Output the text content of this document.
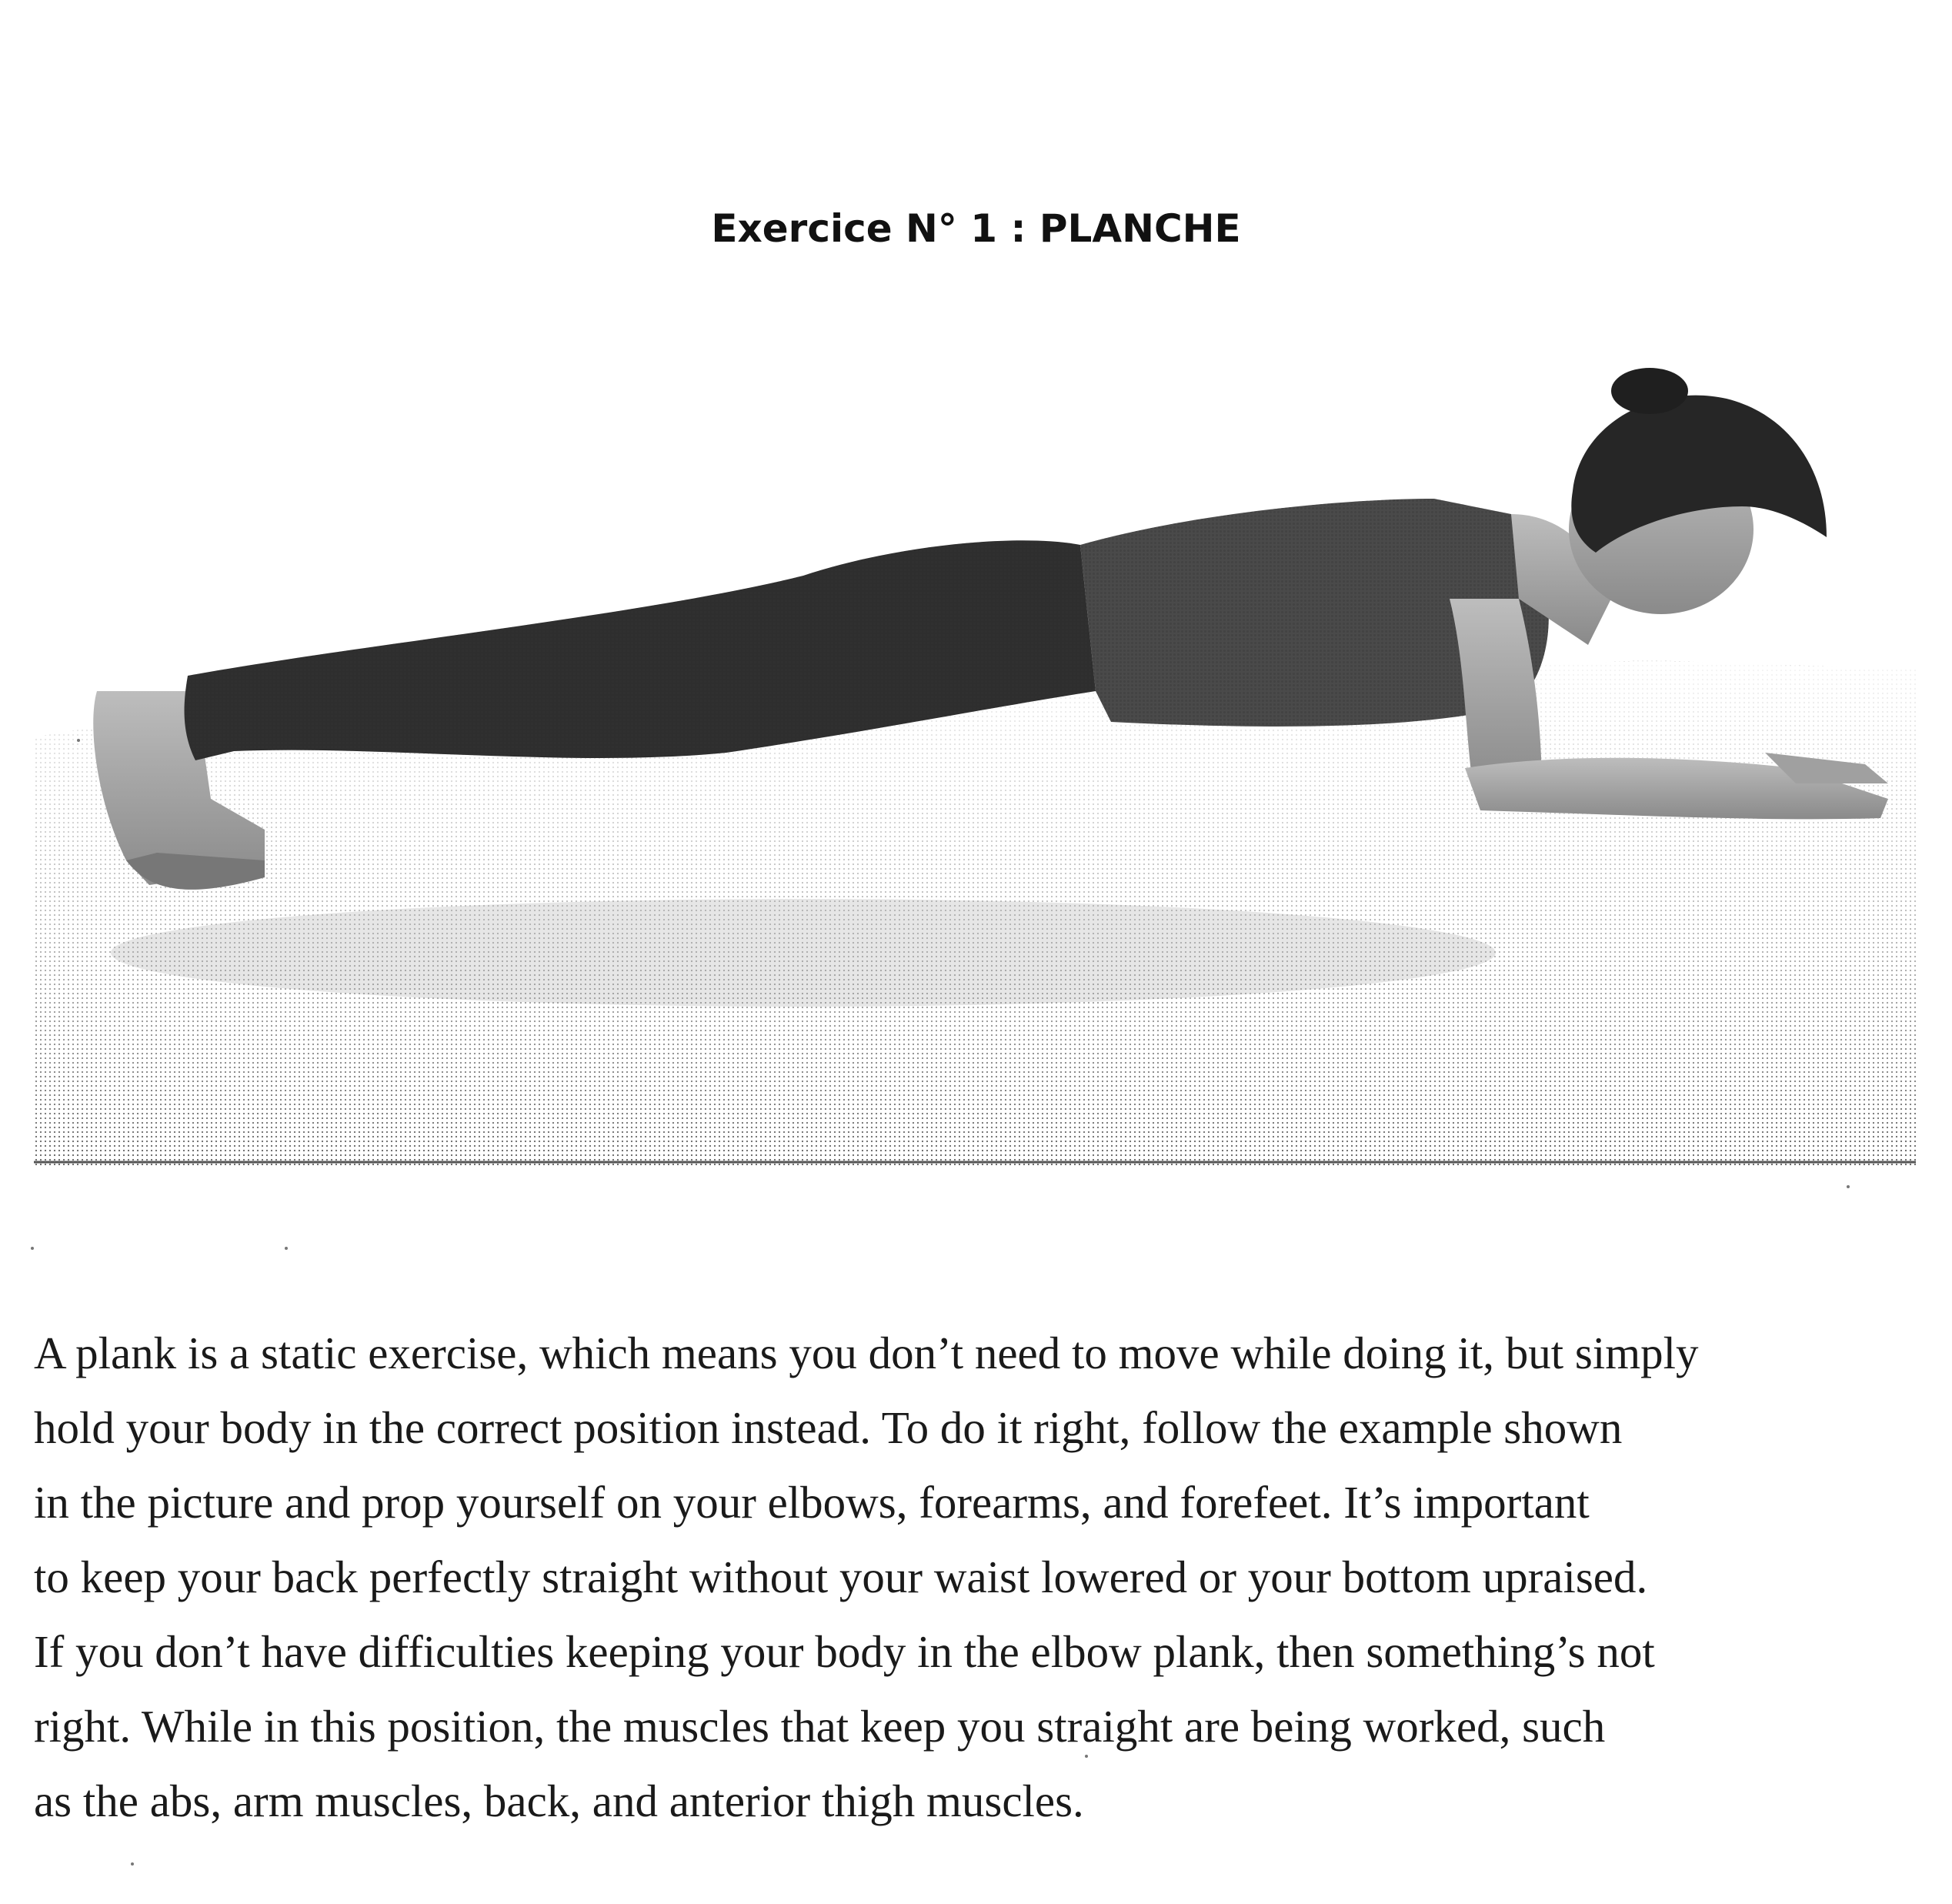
Exercice N° 1 : PLANCHE
A plank is a static exercise, which means you don’t need to move while doing it, but simply
hold your body in the correct position instead. To do it right, follow the example shown
in the picture and prop yourself on your elbows, forearms, and forefeet. It’s important
to keep your back perfectly straight without your waist lowered or your bottom upraised.
If you don’t have difficulties keeping your body in the elbow plank, then something’s not
right. While in this position, the muscles that keep you straight are being worked, such
as the abs, arm muscles, back, and anterior thigh muscles.
